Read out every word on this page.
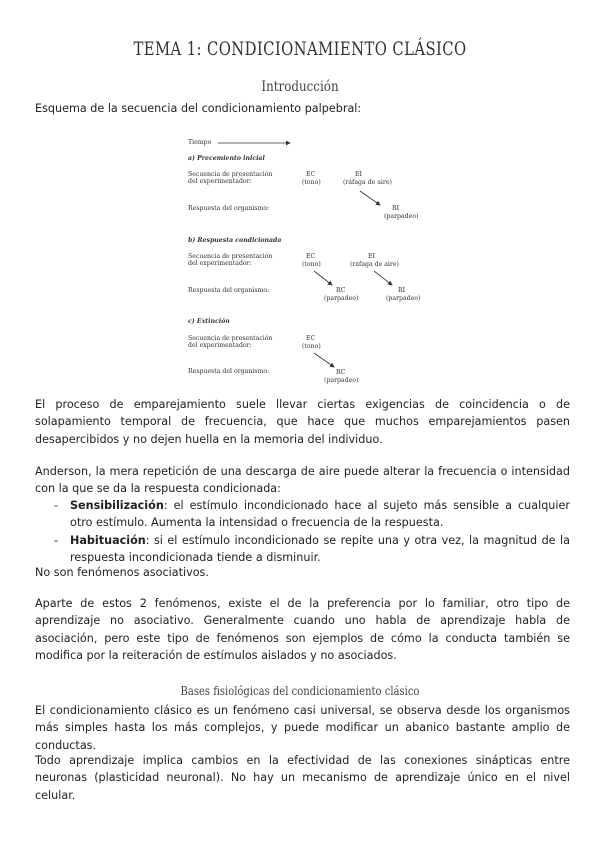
TEMA 1: CONDICIONAMIENTO CLÁSICO
Introducción
Esquema de la secuencia del condicionamiento palpebral:
Tiempo
a) Precemiento inicial
Secuencia de presentación
del experimentador:
EC
(tono)
EI
(ráfaga de aire)
Respuesta del organismo:	RI
(parpadeo)
b) Respuesta condicionada
Secuencia de presentación
del experimentador:
EC
(tono)
EI
(ráfaga de aire)
Respuesta del organismo:	RC
(parpadeo)
RI
(parpadeo)
c) Extinción
Secuencia de presentación
del experimentador:
EC
(tono)
Respuesta del organismo:	RC
(parpadeo)
El proceso de emparejamiento suele llevar ciertas exigencias de coincidencia o de solapamiento temporal de frecuencia, que hace que muchos emparejamientos pasen desapercibidos y no dejen huella en la memoria del individuo.
Anderson, la mera repetición de una descarga de aire puede alterar la frecuencia o intensidad con la que se da la respuesta condicionada:
- Sensibilización: el estímulo incondicionado hace al sujeto más sensible a cualquier otro estímulo. Aumenta la intensidad o frecuencia de la respuesta.
- Habituación: si el estímulo incondicionado se repite una y otra vez, la magnitud de la respuesta incondicionada tiende a disminuir.
No son fenómenos asociativos.
Aparte de estos 2 fenómenos, existe el de la preferencia por lo familiar, otro tipo de aprendizaje no asociativo. Generalmente cuando uno habla de aprendizaje habla de asociación, pero este tipo de fenómenos son ejemplos de cómo la conducta también se modifica por la reiteración de estímulos aislados y no asociados.
Bases fisiológicas del condicionamiento clásico
El condicionamiento clásico es un fenómeno casi universal, se observa desde los organismos más simples hasta los más complejos, y puede modificar un abanico bastante amplio de conductas.
Todo aprendizaje implica cambios en la efectividad de las conexiones sinápticas entre neuronas (plasticidad neuronal). No hay un mecanismo de aprendizaje único en el nivel celular.
